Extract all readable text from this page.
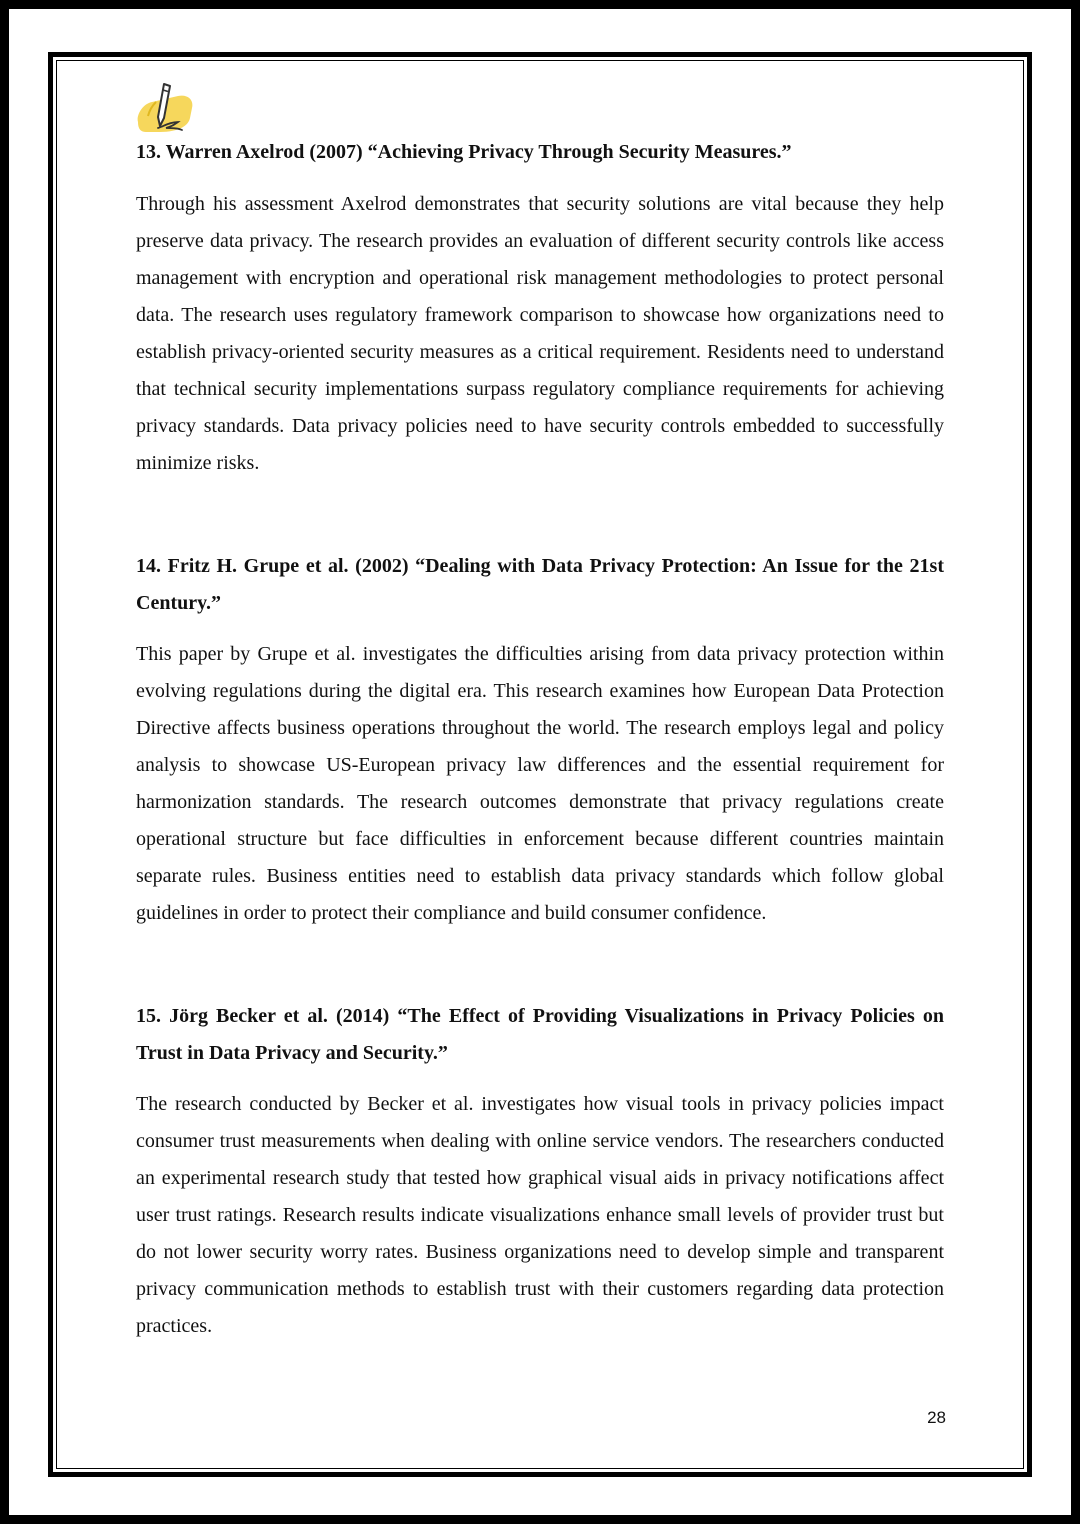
13. Warren Axelrod (2007) “Achieving Privacy Through Security Measures.”

Through his assessment Axelrod demonstrates that security solutions are vital because they help preserve data privacy. The research provides an evaluation of different security controls like access management with encryption and operational risk management methodologies to protect personal data. The research uses regulatory framework comparison to showcase how organizations need to establish privacy-oriented security measures as a critical requirement. Residents need to understand that technical security implementations surpass regulatory compliance requirements for achieving privacy standards. Data privacy policies need to have security controls embedded to successfully minimize risks.

14. Fritz H. Grupe et al. (2002) “Dealing with Data Privacy Protection: An Issue for the 21st Century.”

This paper by Grupe et al. investigates the difficulties arising from data privacy protection within evolving regulations during the digital era. This research examines how European Data Protection Directive affects business operations throughout the world. The research employs legal and policy analysis to showcase US-European privacy law differences and the essential requirement for harmonization standards. The research outcomes demonstrate that privacy regulations create operational structure but face difficulties in enforcement because different countries maintain separate rules. Business entities need to establish data privacy standards which follow global guidelines in order to protect their compliance and build consumer confidence.

15. Jörg Becker et al. (2014) “The Effect of Providing Visualizations in Privacy Policies on Trust in Data Privacy and Security.”

The research conducted by Becker et al. investigates how visual tools in privacy policies impact consumer trust measurements when dealing with online service vendors. The researchers conducted an experimental research study that tested how graphical visual aids in privacy notifications affect user trust ratings. Research results indicate visualizations enhance small levels of provider trust but do not lower security worry rates. Business organizations need to develop simple and transparent privacy communication methods to establish trust with their customers regarding data protection practices.

28
